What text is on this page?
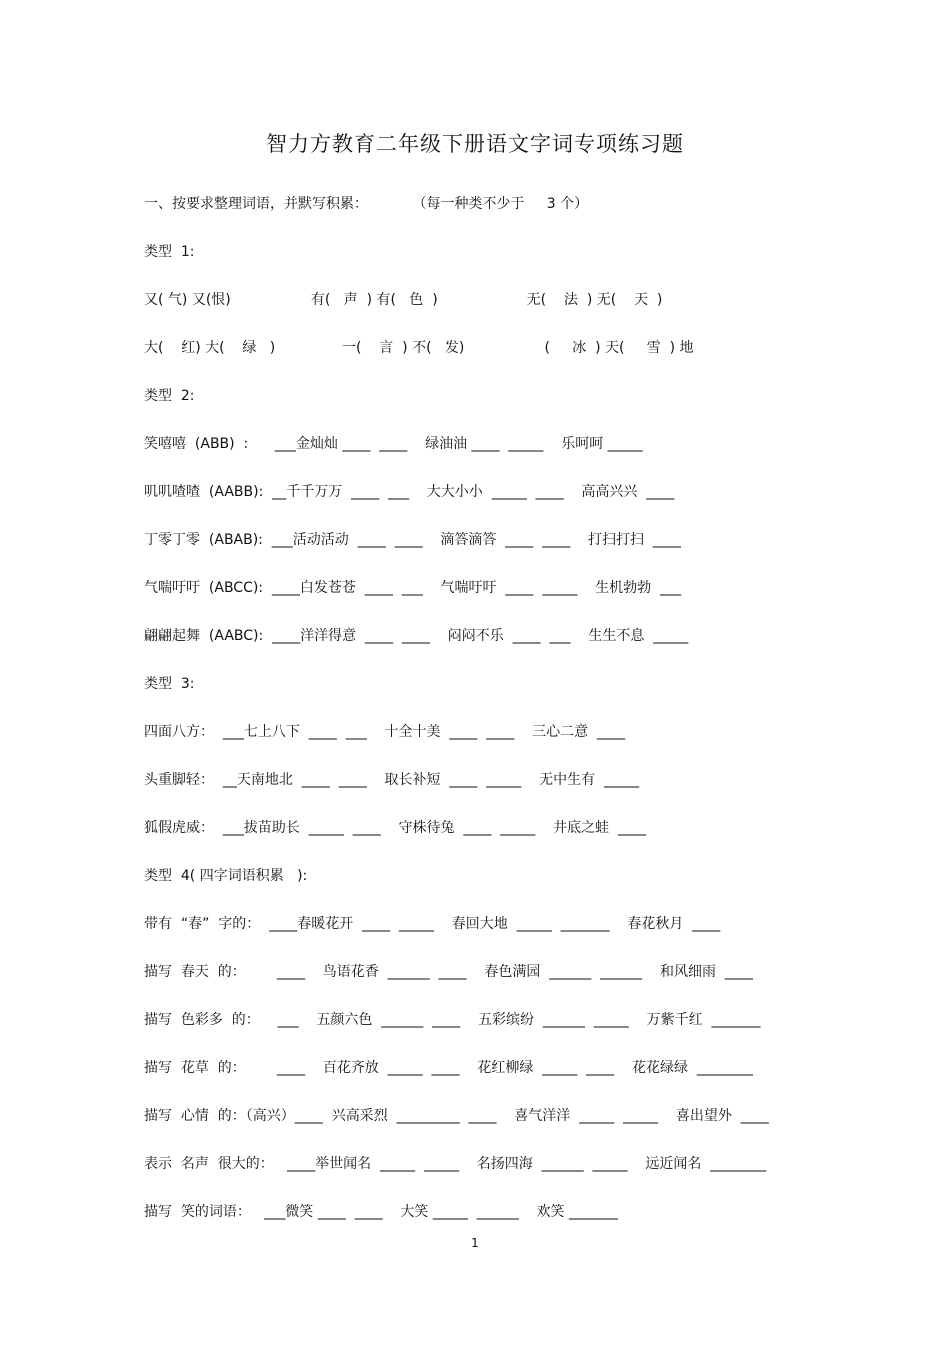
智力方教育二年级下册语文字词专项练习题
一、按要求整理词语，并默写积累：          （每一种类不少于     3 个）
类型  1:
又( 气) 又(恨)                  有(   声  ) 有(   色  )                    无(    法  ) 无(    天  )
大(    红) 大(    绿   )               一(    言  ) 不(   发)                  (     冰  ) 天(     雪  ) 地
类型  2:
笑嘻嘻  (ABB)  :      ___金灿灿 ____  ____    绿油油 ____  _____    乐呵呵 _____
叽叽喳喳  (AABB):  __千千万万  ____  ___    大大小小  _____  ____    高高兴兴  ____
丁零丁零  (ABAB):  ___活动活动  ____  ____    滴答滴答  ____  ____    打扫打扫  ____
气喘吁吁  (ABCC):  ____白发苍苍  ____  ___    气喘吁吁  ____  _____    生机勃勃  ___
翩翩起舞  (AABC):  ____洋洋得意  ____  ____    闷闷不乐  ____  ___    生生不息  _____
类型  3:
四面八方：  ___七上八下  ____  ___    十全十美  ____  ____    三心二意  ____
头重脚轻：  __天南地北  ____  ____    取长补短  ____  _____    无中生有  _____
狐假虎威：  ___拔苗助长  _____  ____    守株待兔  ____  _____    井底之蛙  ____
类型  4( 四字词语积累   ):
带有  “春”  字的：  ____春暖花开  ____  _____    春回大地  _____  _______    春花秋月  ____
描写  春天  的：       ____    鸟语花香  ______  ____    春色满园  ______  ______    和风细雨  ____
描写  色彩多  的：    ___    五颜六色  ______  ____    五彩缤纷  ______  _____    万紫千红  _______
描写  花草  的：       ____    百花齐放  _____  ____    花红柳绿  _____  ____    花花绿绿  ________
描写  心情  的：（高兴）____  兴高采烈  _________  ____    喜气洋洋  _____  _____    喜出望外  ____
表示  名声  很大的：   ____举世闻名  _____  _____    名扬四海  ______  _____    远近闻名  ________
描写  笑的词语：   ___微笑 ____  ____    大笑 _____  ______    欢笑 _______
1
